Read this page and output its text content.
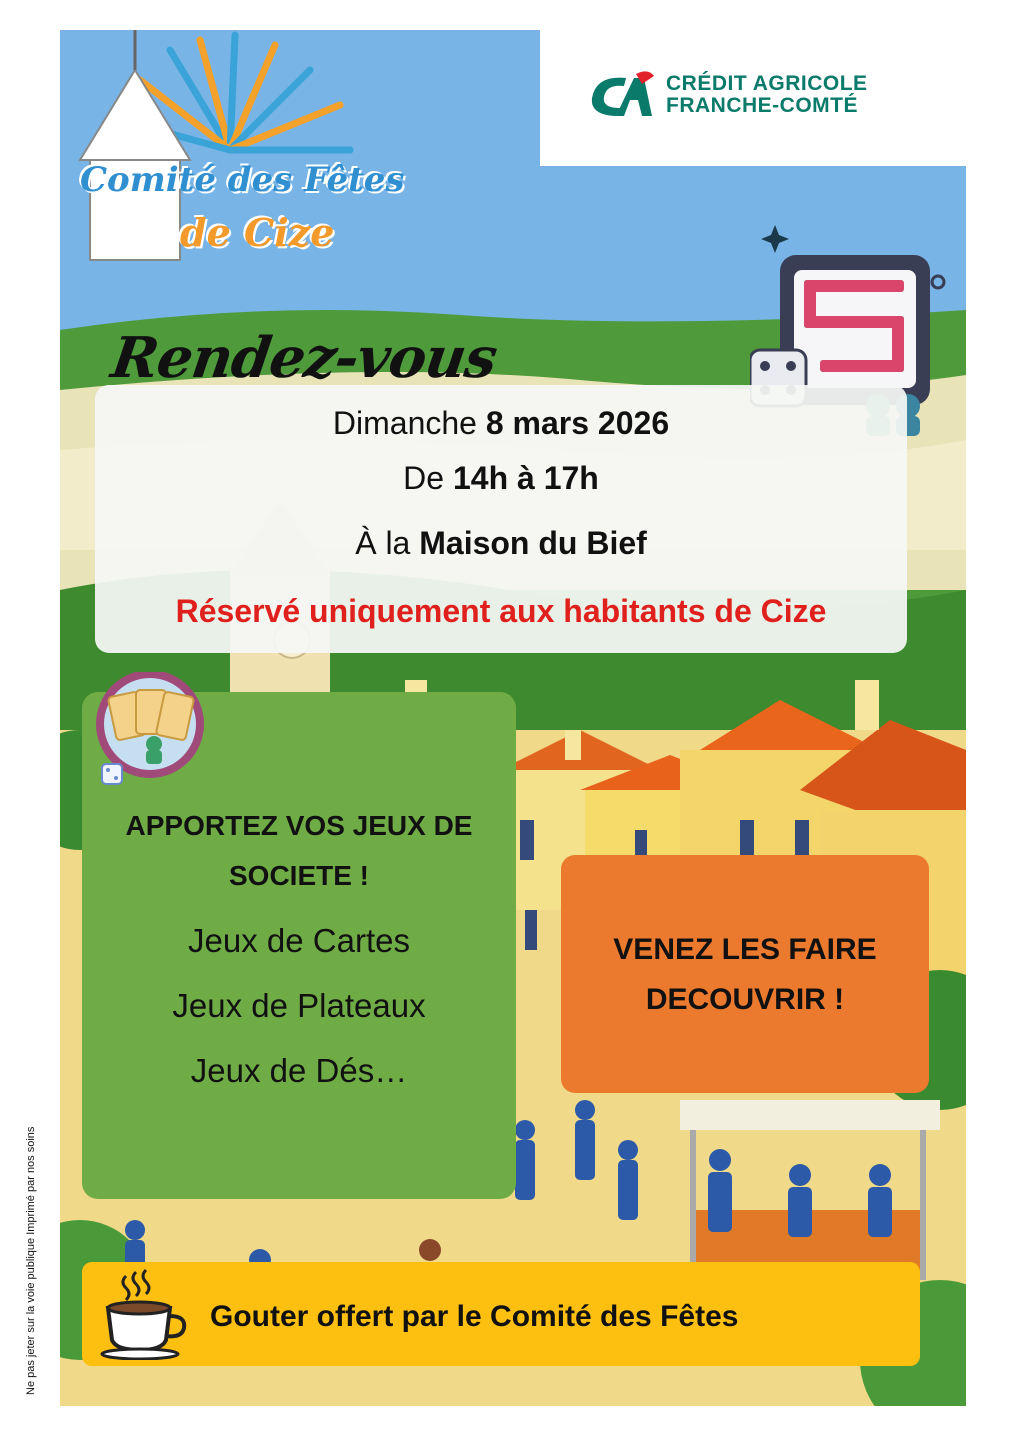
Comité des Fêtes
de Cize
CRÉDIT AGRICOLE
FRANCHE-COMTÉ
Rendez-vous
Dimanche 8 mars 2026
De 14h à 17h
À la Maison du Bief
Réservé uniquement aux habitants de Cize
APPORTEZ VOS JEUX DE
SOCIETE !
Jeux de Cartes
Jeux de Plateaux
Jeux de Dés…
VENEZ LES FAIRE
DECOUVRIR !
Gouter offert par le Comité des Fêtes
Ne pas jeter sur la voie publique Imprimé par nos soins
